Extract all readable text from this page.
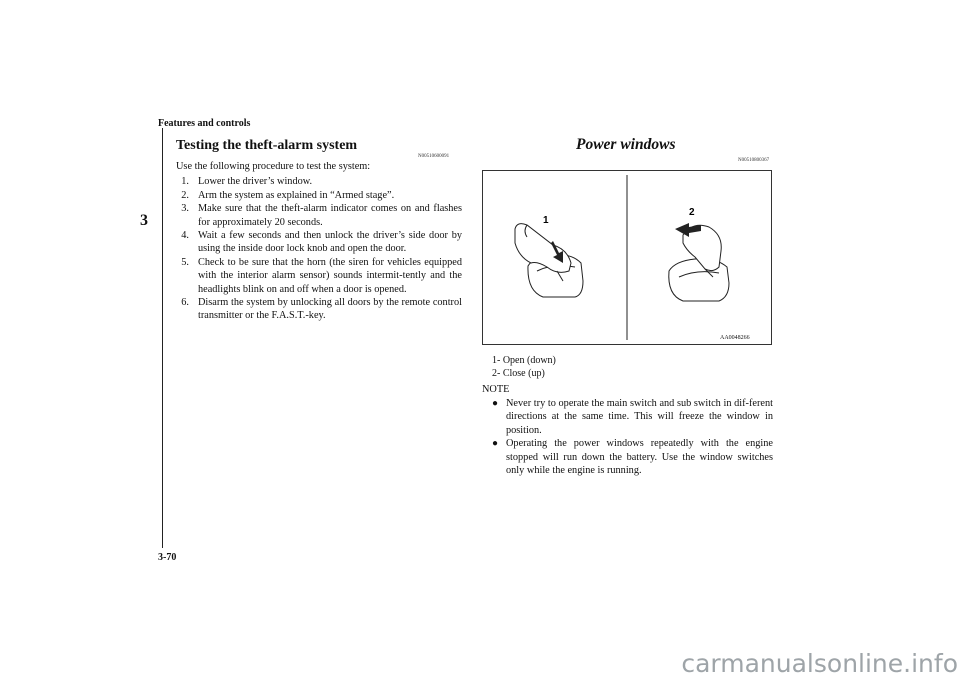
Features and controls
3
Testing the theft-alarm system
N00510600091

Use the following procedure to test the system:

1. Lower the driver’s window.
2. Arm the system as explained in “Armed stage”.
3. Make sure that the theft-alarm indicator comes on and flashes for approximately 20 seconds.
4. Wait a few seconds and then unlock the driver’s side door by using the inside door lock knob and open the door.
5. Check to be sure that the horn (the siren for vehicles equipped with the interior alarm sensor) sounds intermit-tently and the headlights blink on and off when a door is opened.
6. Disarm the system by unlocking all doors by the remote control transmitter or the F.A.S.T.-key.
Power windows
N00510800367
1
2
AA0048266
1- Open (down)
2- Close (up)
NOTE

● Never try to operate the main switch and sub switch in dif-ferent directions at the same time. This will freeze the window in position.

● Operating the power windows repeatedly with the engine stopped will run down the battery. Use the window switches only while the engine is running.

3-70
carmanualsonline.info
